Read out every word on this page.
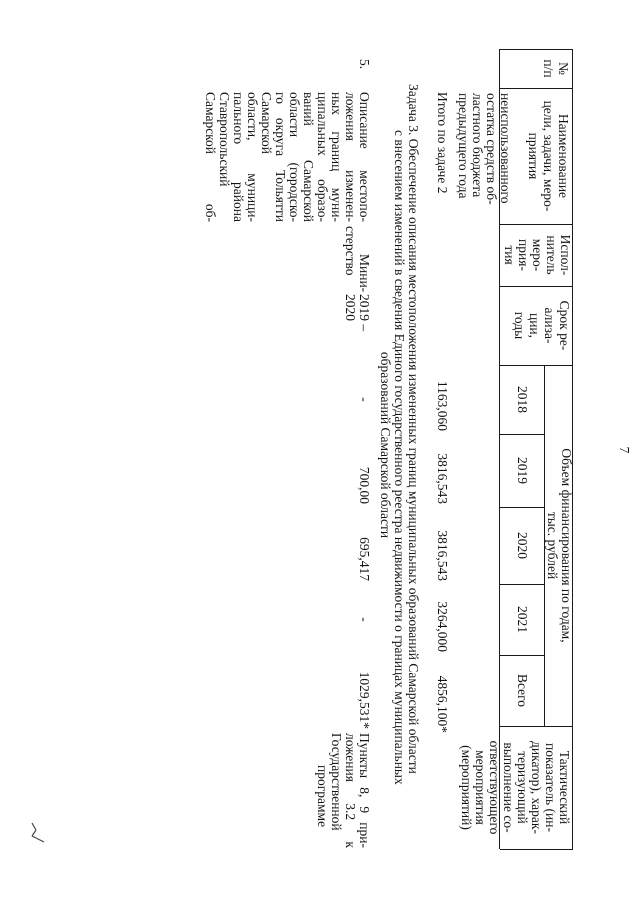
7
№
п/п
Наименование
цели, задачи, меро-
приятия
Испол-
нитель
меро-
прия-
тия
Срок ре-
ализа-
ции,
годы
Объем финансирования по годам,
тыс. рублей
2018
2019
2020
2021
Всего
Тактический
показатель (ин-
дикатор), харак-
теризующий
выполнение со-
ответствующего
мероприятия
(мероприятий)
неиспользованного
остатка средств об-
ластного бюджета
предыдущего года
Итого по задаче 2
1163,060
3816,543
3816,543
3264,000
4856,100*
Задача 3. Обеспечение описания местоположения измененных границ муниципальных образований Самарской области
с внесением изменений в сведения Единого государственного реестра недвижимости о границах муниципальных
образований Самарской области
5.
Описание местопо-
ложения изменен-
ных границ муни-
ципальных образо-
ваний Самарской
области (городско-
го округа Тольятти
Самарской
области, муници-
пального района
Ставропольский
Самарской об-
Мини-
стерство
2019 –
2020
-
700,00
695,417
-
1029,531*
Пункты 8, 9 при-
ложения 3.2 к
Государственной
программе
